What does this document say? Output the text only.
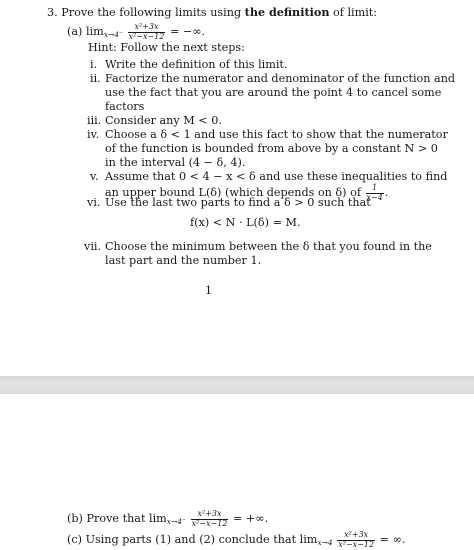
3. Prove the following limits using the definition of limit:
(a) $\lim_{x\to 4^-} \frac{\text{x²+3x}}{\text{x²−x−12}}$ = −∞.
Hint: Follow the next steps:
i. Write the definition of this limit.
ii. Factorize the numerator and denominator of the function and
use the fact that you are around the point 4 to cancel some
factors
iii. Consider any M < 0.
iv. Choose a δ < 1 and use this fact to show that the numerator
of the function is bounded from above by a constant N > 0
in the interval (4 − δ, 4).
v. Assume that 0 < 4 − x < δ and use these inequalities to find
an upper bound L(δ) (which depends on δ) of $\frac{1}{x-4}$ .
vi. Use the last two parts to find a δ > 0 such that
f(x) < N · L(δ) = M.
vii. Choose the minimum between the δ that you found in the
last part and the number 1.
1
(b) Prove that $\lim_{x\to 4^-} \frac{\text{x²+3x}}{\text{x²−x−12}}$ = +∞.
(c) Using parts (1) and (2) conclude that $\lim_{x\to 4} \frac{\text{x²+3x}}{\text{x²−x−12}}$ = ∞.
